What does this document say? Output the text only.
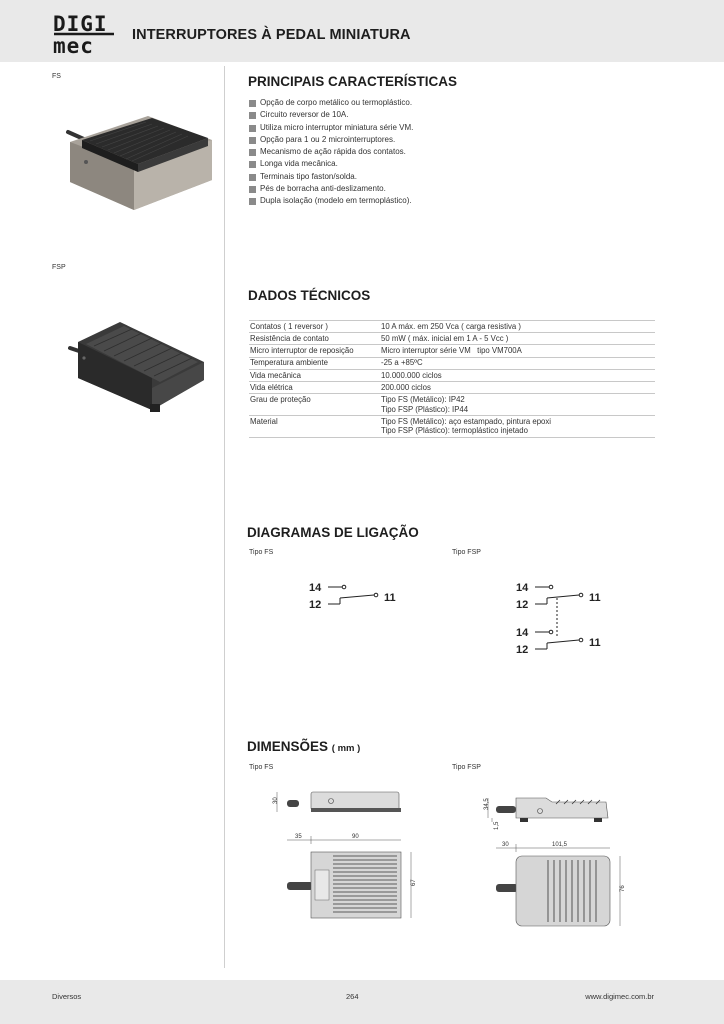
DIGI
mec	INTERRUPTORES À PEDAL MINIATURA
FS
FSP
PRINCIPAIS CARACTERÍSTICAS
Opção de corpo metálico ou termoplástico.
Circuito reversor de 10A.
Utiliza micro interruptor miniatura série VM.
Opção para 1 ou 2 microinterruptores.
Mecanismo de ação rápida dos contatos.
Longa vida mecânica.
Terminais tipo faston/solda.
Pés de borracha anti-deslizamento.
Dupla isolação (modelo em termoplástico).
DADOS TÉCNICOS
Contatos ( 1 reversor )	10 A máx. em 250 Vca ( carga resistiva )

Resistência de contato	50 mW ( máx. inicial em 1 A - 5 Vcc )

Micro interruptor de reposição	Micro interruptor série VM   tipo VM700A

Temperatura ambiente	-25 a +85ºC

Vida mecânica	10.000.000 ciclos

Vida elétrica	200.000 ciclos

Grau de proteção	Tipo FS (Metálico): IP42
Tipo FSP (Plástico): IP44

Material	Tipo FS (Metálico): aço estampado, pintura epoxi
Tipo FSP (Plástico): termoplástico injetado
DIAGRAMAS DE LIGAÇÃO
Tipo FS	Tipo FSP
14
12
11
14
12
11
14
12
11
DIMENSÕES ( mm )
Tipo FS	Tipo FSP
30
35	90
67
34,5
1,5
30	101,5
76
Diversos	264	www.digimec.com.br
